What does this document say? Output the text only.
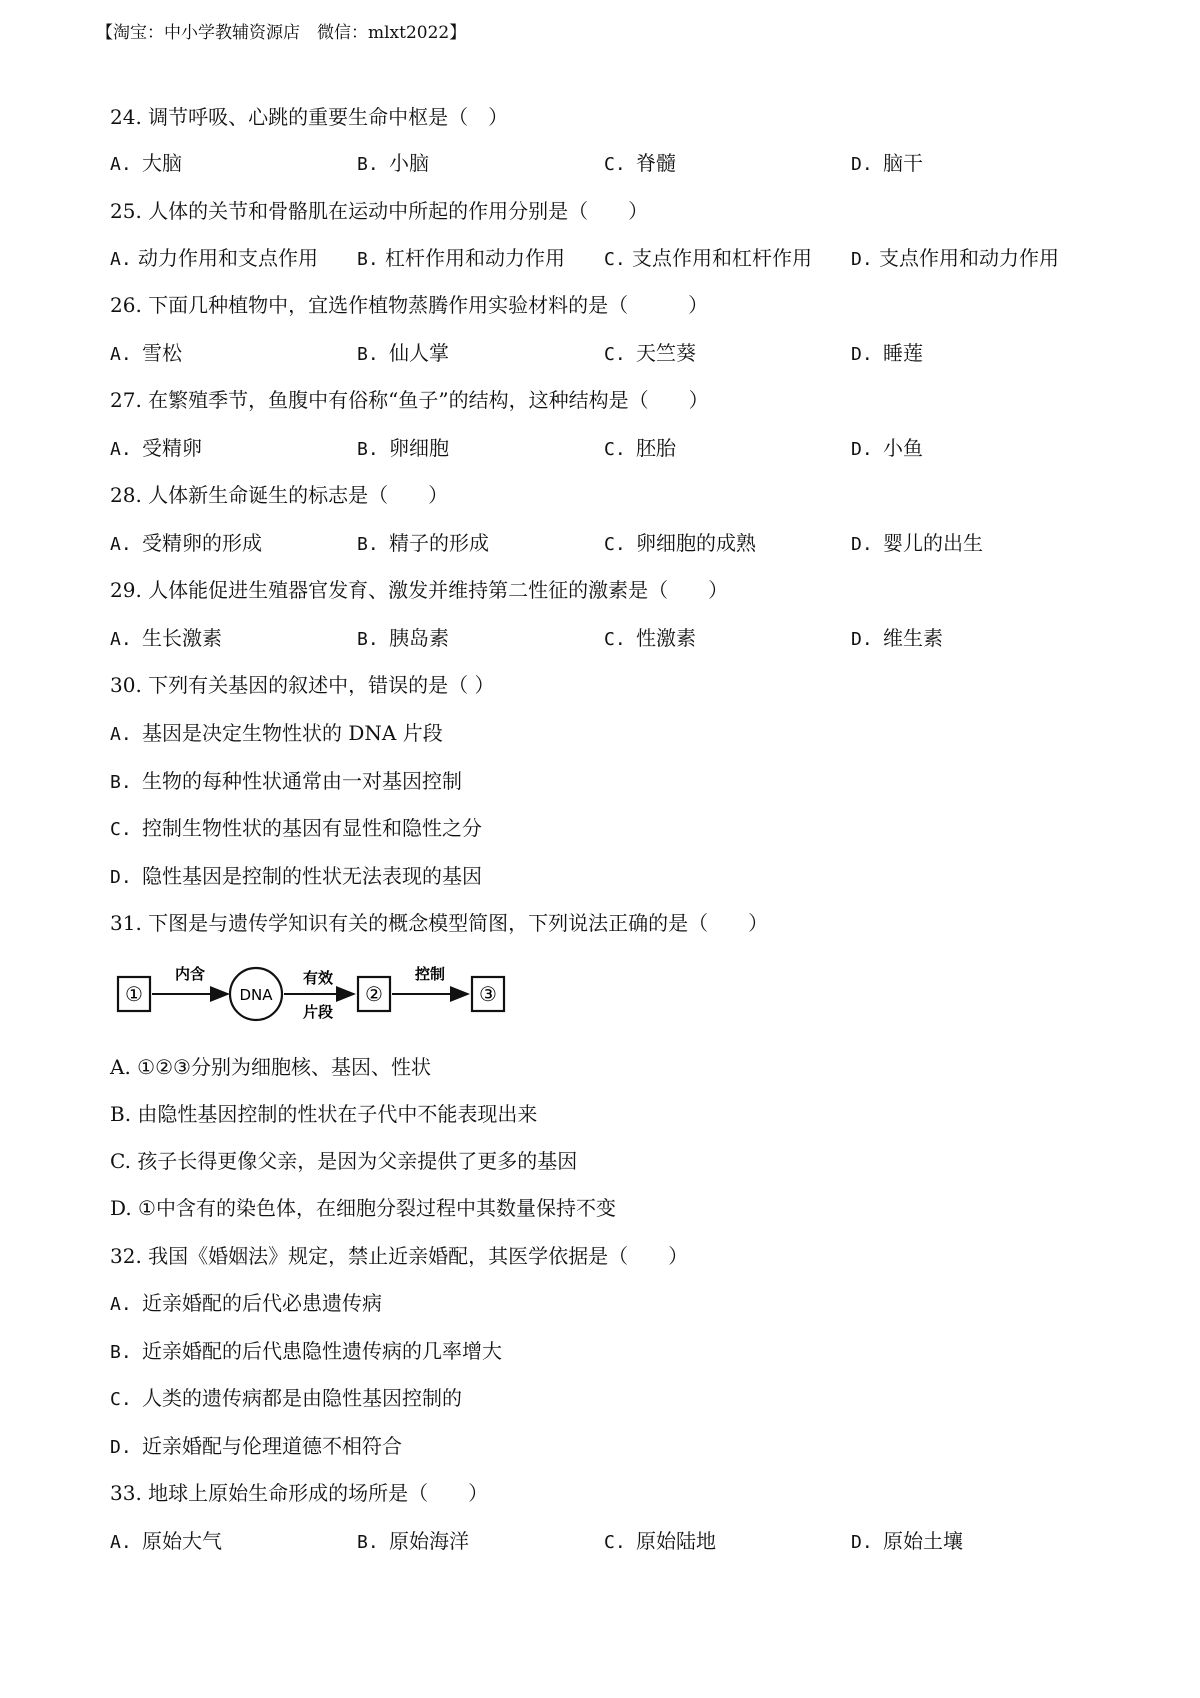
【淘宝：中小学教辅资源店　微信：mlxt2022】
24. 调节呼吸、心跳的重要生命中枢是（　）
A. 大脑	B. 小脑	C. 脊髓	D. 脑干
25. 人体的关节和骨骼肌在运动中所起的作用分别是（　　）
A. 动力作用和支点作用 B. 杠杆作用和动力作用 C. 支点作用和杠杆作用 D. 支点作用和动力作用
26. 下面几种植物中，宜选作植物蒸腾作用实验材料的是（　　　）
A. 雪松	B. 仙人掌	C. 天竺葵	D. 睡莲
27. 在繁殖季节，鱼腹中有俗称“鱼子”的结构，这种结构是（　　）
A. 受精卵	B. 卵细胞	C. 胚胎	D. 小鱼
28. 人体新生命诞生的标志是（　　）
A. 受精卵的形成	B. 精子的形成	C. 卵细胞的成熟	D. 婴儿的出生
29. 人体能促进生殖器官发育、激发并维持第二性征的激素是（　　）
A. 生长激素	B. 胰岛素	C. 性激素	D. 维生素
30. 下列有关基因的叙述中，错误的是（ ）
A. 基因是决定生物性状的 DNA 片段
B. 生物的每种性状通常由一对基因控制
C. 控制生物性状的基因有显性和隐性之分
D. 隐性基因是控制的性状无法表现的基因
31. 下图是与遗传学知识有关的概念模型简图，下列说法正确的是（　　）
①
内含
DNA
有效
片段
②
控制
③
A. ①②③分别为细胞核、基因、性状
B. 由隐性基因控制的性状在子代中不能表现出来
C. 孩子长得更像父亲，是因为父亲提供了更多的基因
D. ①中含有的染色体，在细胞分裂过程中其数量保持不变
32. 我国《婚姻法》规定，禁止近亲婚配，其医学依据是（　　）
A. 近亲婚配的后代必患遗传病
B. 近亲婚配的后代患隐性遗传病的几率增大
C. 人类的遗传病都是由隐性基因控制的
D. 近亲婚配与伦理道德不相符合
33. 地球上原始生命形成的场所是（　　）
A. 原始大气	B. 原始海洋	C. 原始陆地	D. 原始土壤
